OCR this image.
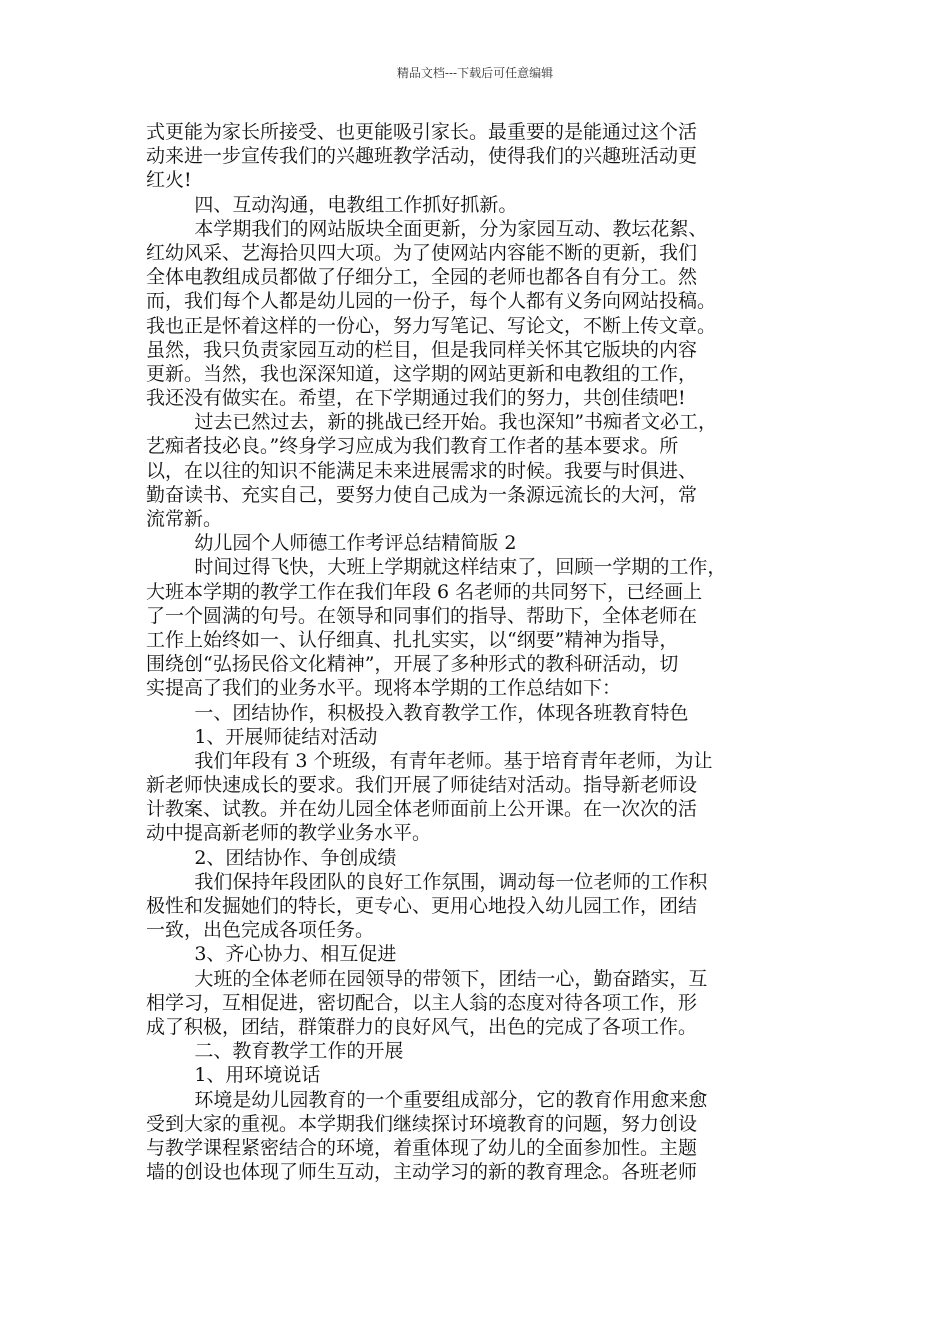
精品文档---下载后可任意编辑
式更能为家长所接受、也更能吸引家长。最重要的是能通过这个活
动来进一步宣传我们的兴趣班教学活动，使得我们的兴趣班活动更
红火!
四、互动沟通，电教组工作抓好抓新。
本学期我们的网站版块全面更新，分为家园互动、教坛花絮、
红幼风采、艺海拾贝四大项。为了使网站内容能不断的更新，我们
全体电教组成员都做了仔细分工，全园的老师也都各自有分工。然
而，我们每个人都是幼儿园的一份子，每个人都有义务向网站投稿。
我也正是怀着这样的一份心，努力写笔记、写论文，不断上传文章。
虽然，我只负责家园互动的栏目，但是我同样关怀其它版块的内容
更新。当然，我也深深知道，这学期的网站更新和电教组的工作，
我还没有做实在。希望，在下学期通过我们的努力，共创佳绩吧!
过去已然过去，新的挑战已经开始。我也深知”书痴者文必工，
艺痴者技必良。”终身学习应成为我们教育工作者的基本要求。所
以，在以往的知识不能满足未来进展需求的时候。我要与时俱进、
勤奋读书、充实自己，要努力使自己成为一条源远流长的大河，常
流常新。
幼儿园个人师德工作考评总结精简版 2
时间过得飞快，大班上学期就这样结束了，回顾一学期的工作，
大班本学期的教学工作在我们年段 6 名老师的共同努下，已经画上
了一个圆满的句号。在领导和同事们的指导、帮助下，全体老师在
工作上始终如一、认仔细真、扎扎实实，以“纲要”精神为指导，
围绕创“弘扬民俗文化精神”，开展了多种形式的教科研活动，切
实提高了我们的业务水平。现将本学期的工作总结如下：
一、团结协作，积极投入教育教学工作，体现各班教育特色
1、开展师徒结对活动
我们年段有 3 个班级，有青年老师。基于培育青年老师，为让
新老师快速成长的要求。我们开展了师徒结对活动。指导新老师设
计教案、试教。并在幼儿园全体老师面前上公开课。在一次次的活
动中提高新老师的教学业务水平。
2、团结协作、争创成绩
我们保持年段团队的良好工作氛围，调动每一位老师的工作积
极性和发掘她们的特长，更专心、更用心地投入幼儿园工作，团结
一致，出色完成各项任务。
3、齐心协力、相互促进
大班的全体老师在园领导的带领下，团结一心，勤奋踏实，互
相学习，互相促进，密切配合，以主人翁的态度对待各项工作，形
成了积极，团结，群策群力的良好风气，出色的完成了各项工作。
二、教育教学工作的开展
1、用环境说话
环境是幼儿园教育的一个重要组成部分，它的教育作用愈来愈
受到大家的重视。本学期我们继续探讨环境教育的问题，努力创设
与教学课程紧密结合的环境，着重体现了幼儿的全面参加性。主题
墙的创设也体现了师生互动，主动学习的新的教育理念。各班老师
